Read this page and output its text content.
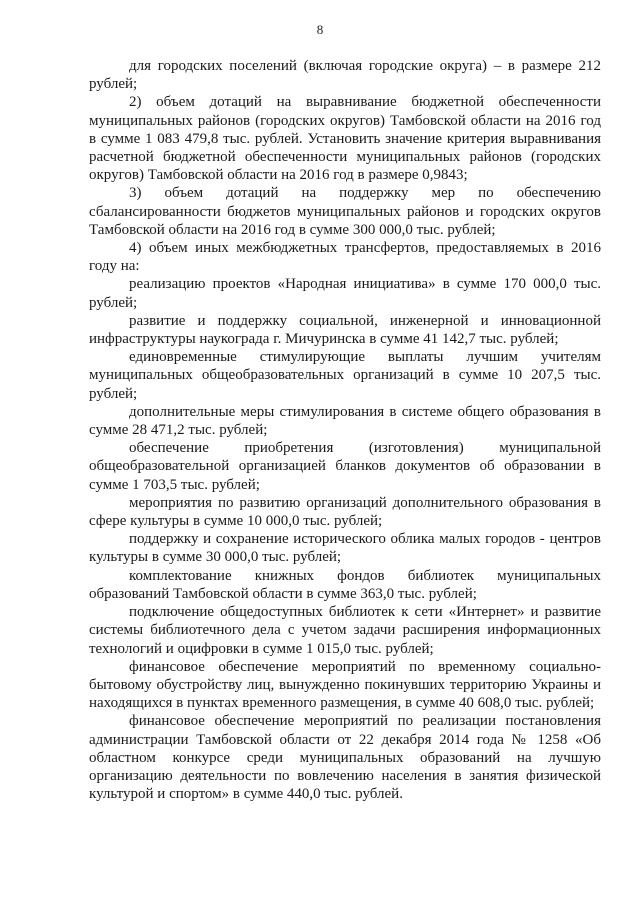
8

для городских поселений (включая городские округа) – в размере 212 рублей;

2) объем дотаций на выравнивание бюджетной обеспеченности муниципальных районов (городских округов) Тамбовской области на 2016 год в сумме 1 083 479,8 тыс. рублей. Установить значение критерия выравнивания расчетной бюджетной обеспеченности муниципальных районов (городских округов) Тамбовской области на 2016 год в размере 0,9843;

3) объем дотаций на поддержку мер по обеспечению сбалансированности бюджетов муниципальных районов и городских округов Тамбовской области на 2016 год в сумме 300 000,0 тыс. рублей;

4) объем иных межбюджетных трансфертов, предоставляемых в 2016 году на:

реализацию проектов «Народная инициатива» в сумме 170 000,0 тыс. рублей;

развитие и поддержку социальной, инженерной и инновационной инфраструктуры наукограда г. Мичуринска в сумме 41 142,7 тыс. рублей;

единовременные стимулирующие выплаты лучшим учителям муниципальных общеобразовательных организаций в сумме 10 207,5 тыс. рублей;

дополнительные меры стимулирования в системе общего образования в сумме 28 471,2 тыс. рублей;

обеспечение приобретения (изготовления) муниципальной общеобразовательной организацией бланков документов об образовании в сумме 1 703,5 тыс. рублей;

мероприятия по развитию организаций дополнительного образования в сфере культуры в сумме 10 000,0 тыс. рублей;

поддержку и сохранение исторического облика малых городов - центров культуры в сумме 30 000,0 тыс. рублей;

комплектование книжных фондов библиотек муниципальных образований Тамбовской области в сумме 363,0 тыс. рублей;

подключение общедоступных библиотек к сети «Интернет» и развитие системы библиотечного дела с учетом задачи расширения информационных технологий и оцифровки в сумме 1 015,0 тыс. рублей;

финансовое обеспечение мероприятий по временному социально-бытовому обустройству лиц, вынужденно покинувших территорию Украины и находящихся в пунктах временного размещения, в сумме 40 608,0 тыс. рублей;

финансовое обеспечение мероприятий по реализации постановления администрации Тамбовской области от 22 декабря 2014 года № 1258 «Об областном конкурсе среди муниципальных образований на лучшую организацию деятельности по вовлечению населения в занятия физической культурой и спортом» в сумме 440,0 тыс. рублей.
